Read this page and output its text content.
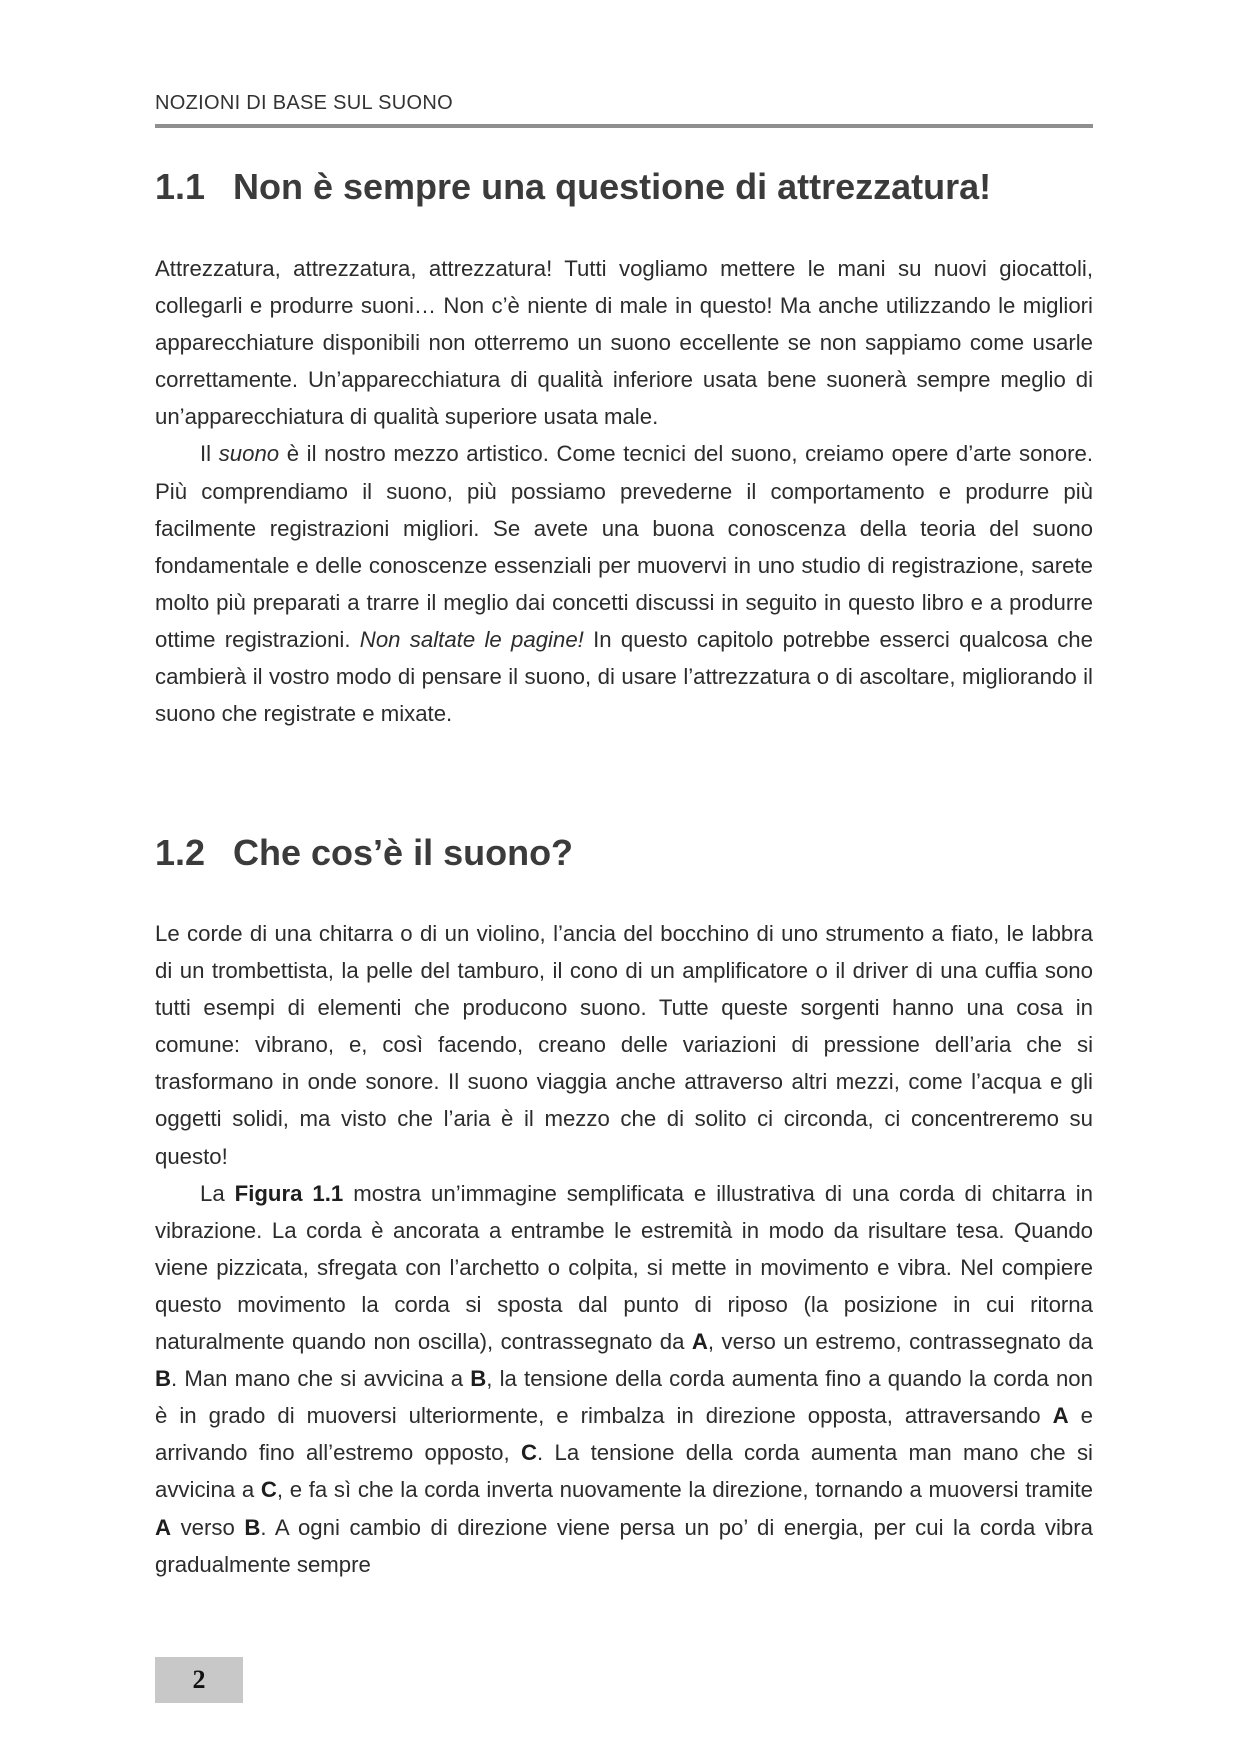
NOZIONI DI BASE SUL SUONO
1.1 Non è sempre una questione di attrezzatura!

Attrezzatura, attrezzatura, attrezzatura! Tutti vogliamo mettere le mani su nuovi giocattoli, collegarli e produrre suoni… Non c’è niente di male in questo! Ma anche utilizzando le migliori apparecchiature disponibili non otterremo un suono eccellente se non sappiamo come usarle correttamente. Un’apparecchiatura di qualità inferiore usata bene suonerà sempre meglio di un’apparecchiatura di qualità superiore usata male.

Il suono è il nostro mezzo artistico. Come tecnici del suono, creiamo opere d’arte sonore. Più comprendiamo il suono, più possiamo prevederne il comportamento e produrre più facilmente registrazioni migliori. Se avete una buona conoscenza della teoria del suono fondamentale e delle conoscenze essenziali per muovervi in uno studio di registrazione, sarete molto più preparati a trarre il meglio dai concetti discussi in seguito in questo libro e a produrre ottime registrazioni. Non saltate le pagine! In questo capitolo potrebbe esserci qualcosa che cambierà il vostro modo di pensare il suono, di usare l’attrezzatura o di ascoltare, migliorando il suono che registrate e mixate.

1.2 Che cos’è il suono?

Le corde di una chitarra o di un violino, l’ancia del bocchino di uno strumento a fiato, le labbra di un trombettista, la pelle del tamburo, il cono di un amplificatore o il driver di una cuffia sono tutti esempi di elementi che producono suono. Tutte queste sorgenti hanno una cosa in comune: vibrano, e, così facendo, creano delle variazioni di pressione dell’aria che si trasformano in onde sonore. Il suono viaggia anche attraverso altri mezzi, come l’acqua e gli oggetti solidi, ma visto che l’aria è il mezzo che di solito ci circonda, ci concentreremo su questo!

La Figura 1.1 mostra un’immagine semplificata e illustrativa di una corda di chitarra in vibrazione. La corda è ancorata a entrambe le estremità in modo da risultare tesa. Quando viene pizzicata, sfregata con l’archetto o colpita, si mette in movimento e vibra. Nel compiere questo movimento la corda si sposta dal punto di riposo (la posizione in cui ritorna naturalmente quando non oscilla), contrassegnato da A, verso un estremo, contrassegnato da B. Man mano che si avvicina a B, la tensione della corda aumenta fino a quando la corda non è in grado di muoversi ulteriormente, e rimbalza in direzione opposta, attraversando A e arrivando fino all’estremo opposto, C. La tensione della corda aumenta man mano che si avvicina a C, e fa sì che la corda inverta nuovamente la direzione, tornando a muoversi tramite A verso B. A ogni cambio di direzione viene persa un po’ di energia, per cui la corda vibra gradualmente sempre

2
